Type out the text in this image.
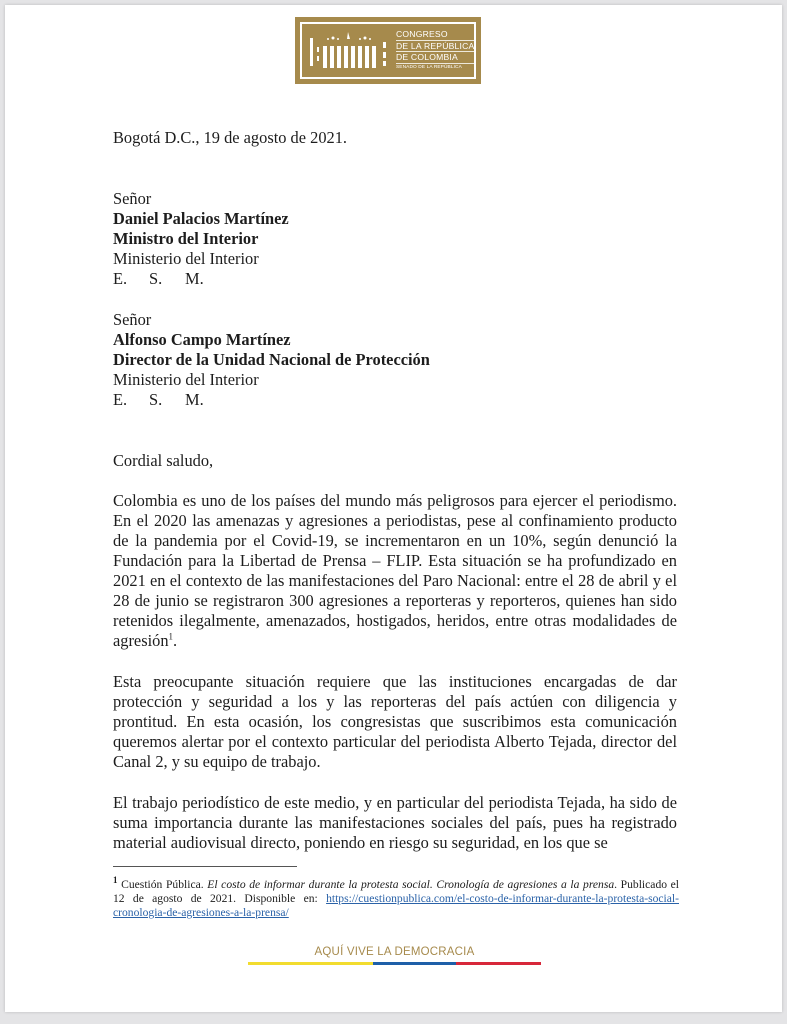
CONGRESO
DE LA REPÚBLICA
DE COLOMBIA
SENADO DE LA REPÚBLICA
Bogotá D.C., 19 de agosto de 2021.
Señor
Daniel Palacios Martínez
Ministro del Interior
Ministerio del Interior
E. S. M.
Señor
Alfonso Campo Martínez
Director de la Unidad Nacional de Protección
Ministerio del Interior
E. S. M.
Cordial saludo,
Colombia es uno de los países del mundo más peligrosos para ejercer el periodismo. En el 2020 las amenazas y agresiones a periodistas, pese al confinamiento producto de la pandemia por el Covid-19, se incrementaron en un 10%, según denunció la Fundación para la Libertad de Prensa – FLIP. Esta situación se ha profundizado en 2021 en el contexto de las manifestaciones del Paro Nacional: entre el 28 de abril y el 28 de junio se registraron 300 agresiones a reporteras y reporteros, quienes han sido retenidos ilegalmente, amenazados, hostigados, heridos, entre otras modalidades de agresión$^1$.
Esta preocupante situación requiere que las instituciones encargadas de dar protección y seguridad a los y las reporteras del país actúen con diligencia y prontitud. En esta ocasión, los congresistas que suscribimos esta comunicación queremos alertar por el contexto particular del periodista Alberto Tejada, director del Canal 2, y su equipo de trabajo.
El trabajo periodístico de este medio, y en particular del periodista Tejada, ha sido de suma importancia durante las manifestaciones sociales del país, pues ha registrado material audiovisual directo, poniendo en riesgo su seguridad, en los que se
$^1$ Cuestión Pública. El costo de informar durante la protesta social. Cronología de agresiones a la prensa. Publicado el 12 de agosto de 2021. Disponible en: https://cuestionpublica.com/el-costo-de-informar-durante-la-protesta-social-cronologia-de-agresiones-a-la-prensa/
AQUÍ VIVE LA DEMOCRACIA
